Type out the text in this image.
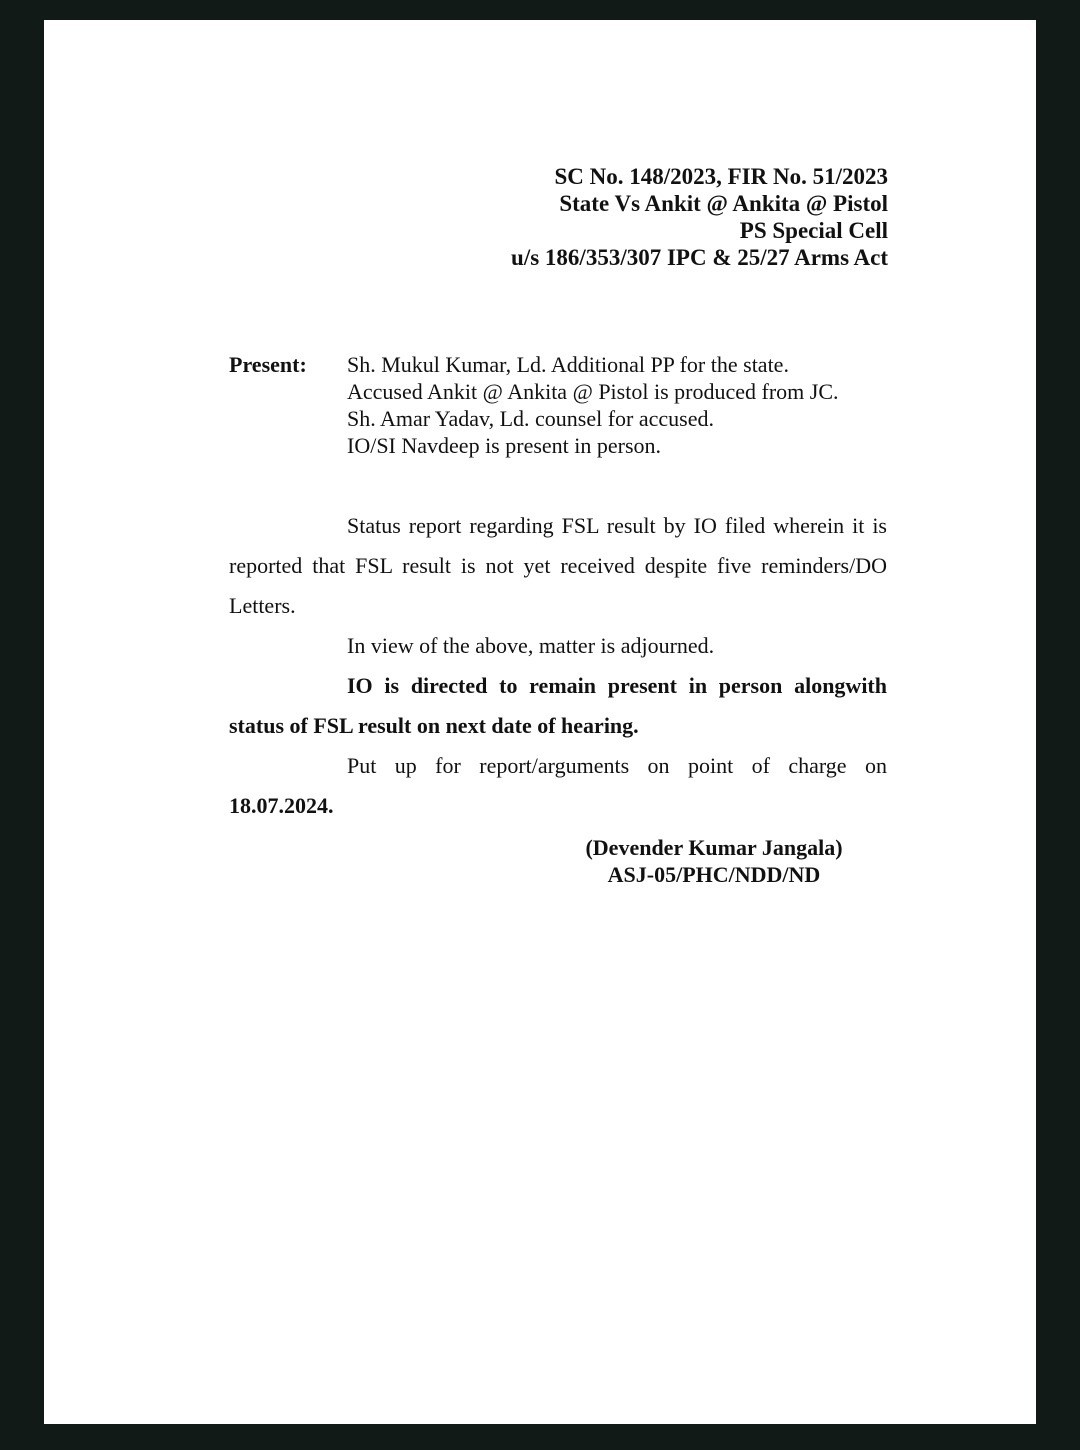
SC No. 148/2023, FIR No. 51/2023
State Vs Ankit @ Ankita @ Pistol
PS Special Cell
u/s 186/353/307 IPC & 25/27 Arms Act
Present: Sh. Mukul Kumar, Ld. Additional PP for the state.
Accused Ankit @ Ankita @ Pistol is produced from JC.
Sh. Amar Yadav, Ld. counsel for accused.
IO/SI Navdeep is present in person.

Status report regarding FSL result by IO filed wherein it is reported that FSL result is not yet received despite five reminders/DO Letters.

In view of the above, matter is adjourned.

IO is directed to remain present in person alongwith status of FSL result on next date of hearing.

Put up for report/arguments on point of charge on 18.07.2024.

(Devender Kumar Jangala)
ASJ-05/PHC/NDD/ND
